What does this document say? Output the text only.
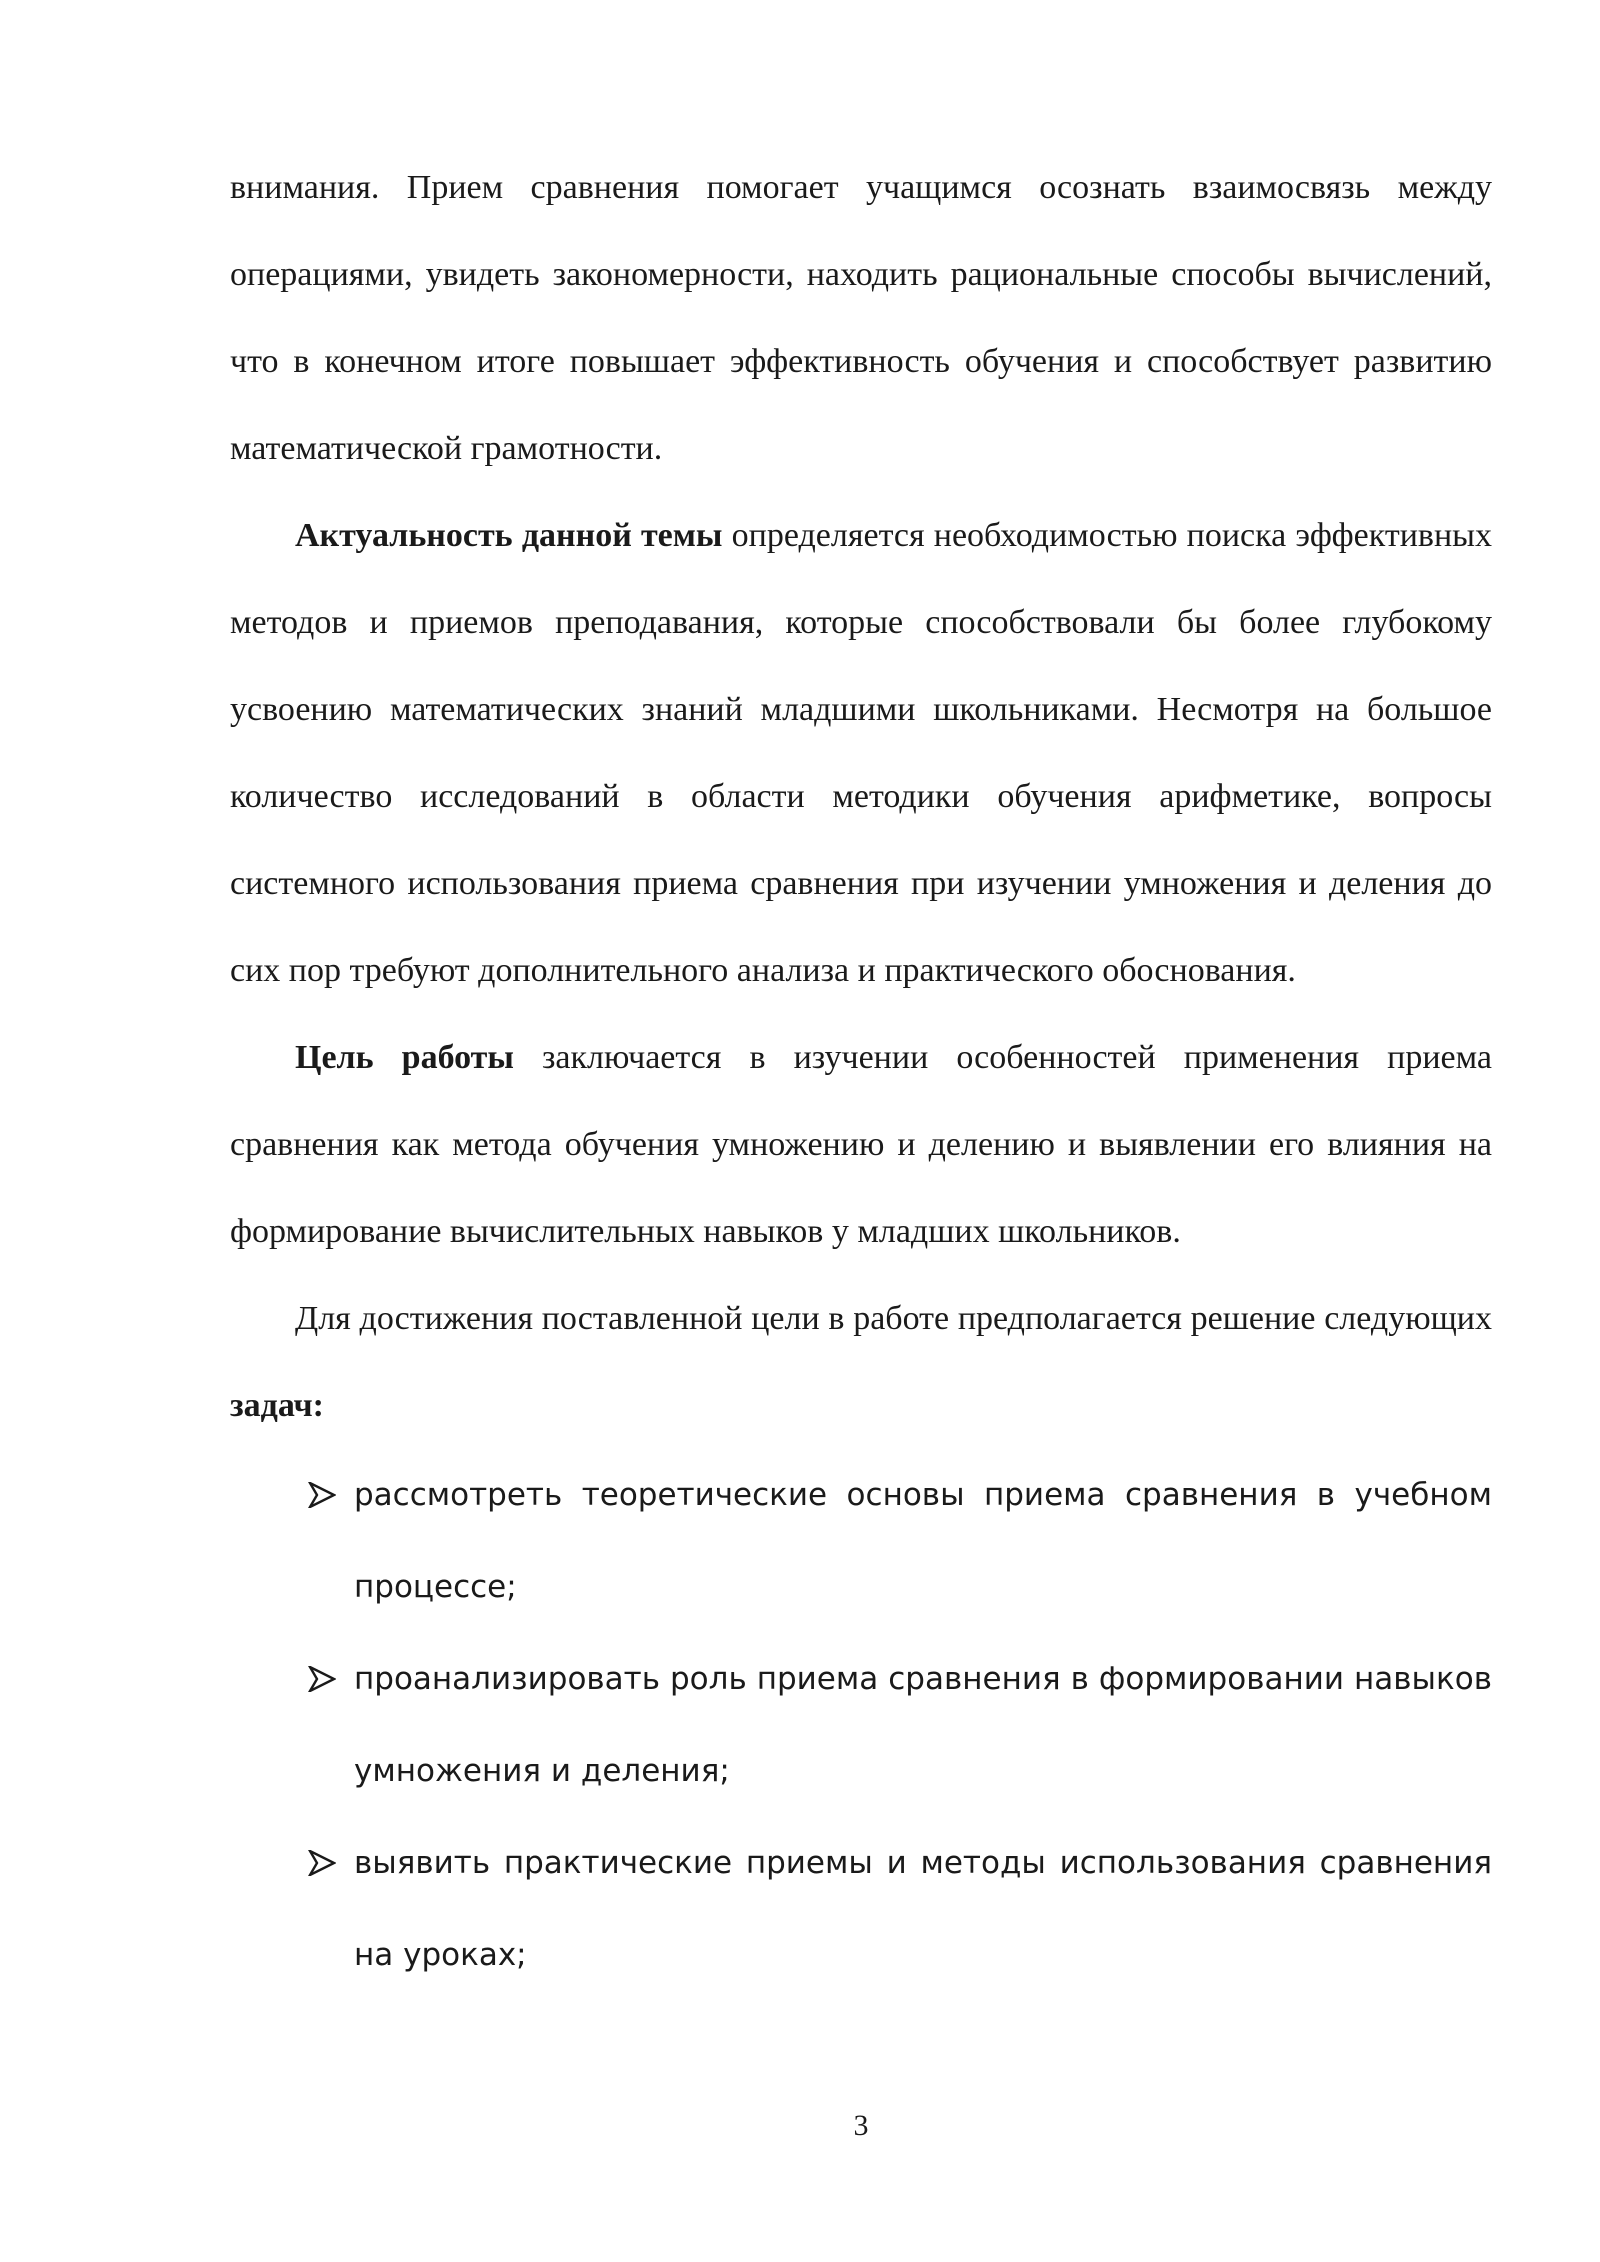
внимания. Прием сравнения помогает учащимся осознать взаимосвязь между операциями, увидеть закономерности, находить рациональные способы вычислений, что в конечном итоге повышает эффективность обучения и способствует развитию математической грамотности.

Актуальность данной темы определяется необходимостью поиска эффективных методов и приемов преподавания, которые способствовали бы более глубокому усвоению математических знаний младшими школьниками. Несмотря на большое количество исследований в области методики обучения арифметике, вопросы системного использования приема сравнения при изучении умножения и деления до сих пор требуют дополнительного анализа и практического обоснования.

Цель работы заключается в изучении особенностей применения приема сравнения как метода обучения умножению и делению и выявлении его влияния на формирование вычислительных навыков у младших школьников.

Для достижения поставленной цели в работе предполагается решение следующих задач:

рассмотреть теоретические основы приема сравнения в учебном процессе;
проанализировать роль приема сравнения в формировании навыков умножения и деления;
выявить практические приемы и методы использования сравнения на уроках;
3
